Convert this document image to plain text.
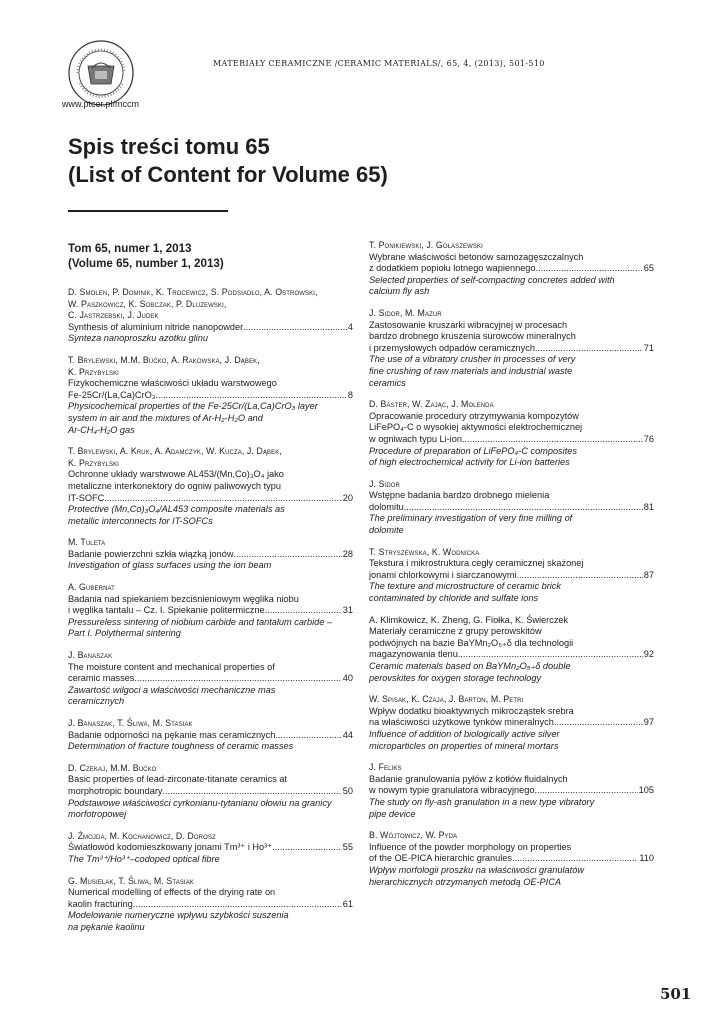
www.ptcer.pl/mccm
MATERIAŁY CERAMICZNE /CERAMIC MATERIALS/, 65, 4, (2013), 501-510
Spis treści tomu 65
(List of Content for Volume 65)
Tom 65, numer 1, 2013
(Volume 65, number 1, 2013)
D. Smolen, P. Dominik, K. Trocewicz, S. Podsiadło, A. Ostrowski,
W. Paszkowicz, K. Sobczak, P. Dluzewski,
C. Jastrzebski, J. Judek
Synthesis of aluminium nitride nanopowder .....	4
Synteza nanoproszku azotku glinu
T. Brylewski, M.M. Bućko, A. Rakowska, J. Dąbek,
K. Przybylski
Fizykochemiczne właściwości układu warstwowego
Fe-25Cr/(La,Ca)CrO₃ .....	8
Physicochemical properties of the Fe-25Cr/(La,Ca)CrO₃ layer
system in air and the mixtures of Ar-H₂-H₂O and
Ar-CH₄-H₂O gas
T. Brylewski, A. Kruk, A. Adamczyk, W. Kucza, J. Dąbek,
K. Przybylski
Ochronne układy warstwowe AL453/(Mn,Co)₃O₄ jako
metaliczne interkonektory do ogniw paliwowych typu
IT-SOFC .....	20
Protective (Mn,Co)₃O₄/AL453 composite materials as
metallic interconnects for IT-SOFCs
M. Tuleta
Badanie powierzchni szkła wiązką jonów .....	28
Investigation of glass surfaces using the ion beam
A. Gubernat
Badania nad spiekaniem bezciśnieniowym węglika niobu
i węglika tantalu – Cz. I. Spiekanie politermiczne .....	31
Pressureless sintering of niobium carbide and tantalum carbide –
Part I. Polythermal sintering
J. Banaszak
The moisture content and mechanical properties of
ceramic masses .....	40
Zawartość wilgoci a właściwości mechaniczne mas
ceramicznych
J. Banaszak, T. Śliwa, M. Stasiak
Badanie odporności na pękanie mas ceramicznych .....	44
Determination of fracture toughness of ceramic masses
D. Czekaj, M.M. Bućko
Basic properties of lead-zirconate-titanate ceramics at
morphotropic boundary .....	50
Podstawowe właściwości cyrkonianu-tytanianu ołowiu na granicy
morfotropowej
J. Żmojda, M. Kochanowicz, D. Dorosz
Światłowód kodomieszkowany jonami Tm³⁺ i Ho³⁺ .....	55
The Tm³⁺/Ho³⁺–codoped optical fibre
G. Musielak, T. Śliwa, M. Stasiak
Numerical modelling of effects of the drying rate on
kaolin fracturing .....	61
Modelowanie numeryczne wpływu szybkości suszenia
na pękanie kaolinu
T. Ponikiewski, J. Gołaszewski
Wybrane właściwości betonów samozagęszczalnych
z dodatkiem popiołu lotnego wapiennego .....	65
Selected properties of self-compacting concretes added with
calcium fly ash
J. Sidor, M. Mazur
Zastosowanie kruszarki wibracyjnej w procesach
bardzo drobnego kruszenia surowców mineralnych
i przemysłowych odpadów ceramicznych .....	71
The use of a vibratory crusher in processes of very
fine crushing of raw materials and industrial waste
ceramics
D. Baster, W. Zając, J. Molenda
Opracowanie procedury otrzymywania kompozytów
LiFePO₄-C o wysokiej aktywności elektrochemicznej
w ogniwach typu Li-ion .....	76
Procedure of preparation of LiFePO₄-C composites
of high electrochemical activity for Li-ion batteries
J. Sidor
Wstępne badania bardzo drobnego mielenia
dolomitu .....	81
The preliminary investigation of very fine milling of
dolomite
T. Stryszewska, K. Wodnicka
Tekstura i mikrostruktura cegły ceramicznej skażonej
jonami chlorkowymi i siarczanowymi .....	87
The texture and microstructure of ceramic brick
contaminated by chloride and sulfate ions
A. Klimkowicz, K. Zheng, G. Fiołka, K. Świerczek
Materiały ceramiczne z grupy perowskitów
podwójnych na bazie BaYMn₂O₅₊δ dla technologii
magazynowania tlenu .....	92
Ceramic materials based on BaYMn₂O₅₊δ double
perovskites for oxygen storage technology
W. Spisak, K. Czaja, J. Barton, M. Petri
Wpływ dodatku bioaktywnych mikrocząstek srebra
na właściwości użytkowe tynków mineralnych .....	97
Influence of addition of biologically active silver
microparticles on properties of mineral mortars
J. Feliks
Badanie granulowania pyłów z kotłów fluidalnych
w nowym typie granulatora wibracyjnego .....	105
The study on fly-ash granulation in a new type vibratory
pipe device
B. Wójtowicz, W. Pyda
Influence of the powder morphology on properties
of the OE-PICA hierarchic granules .....	110
Wpływ morfologii proszku na właściwości granulatów
hierarchicznych otrzymanych metodą OE-PICA
501
